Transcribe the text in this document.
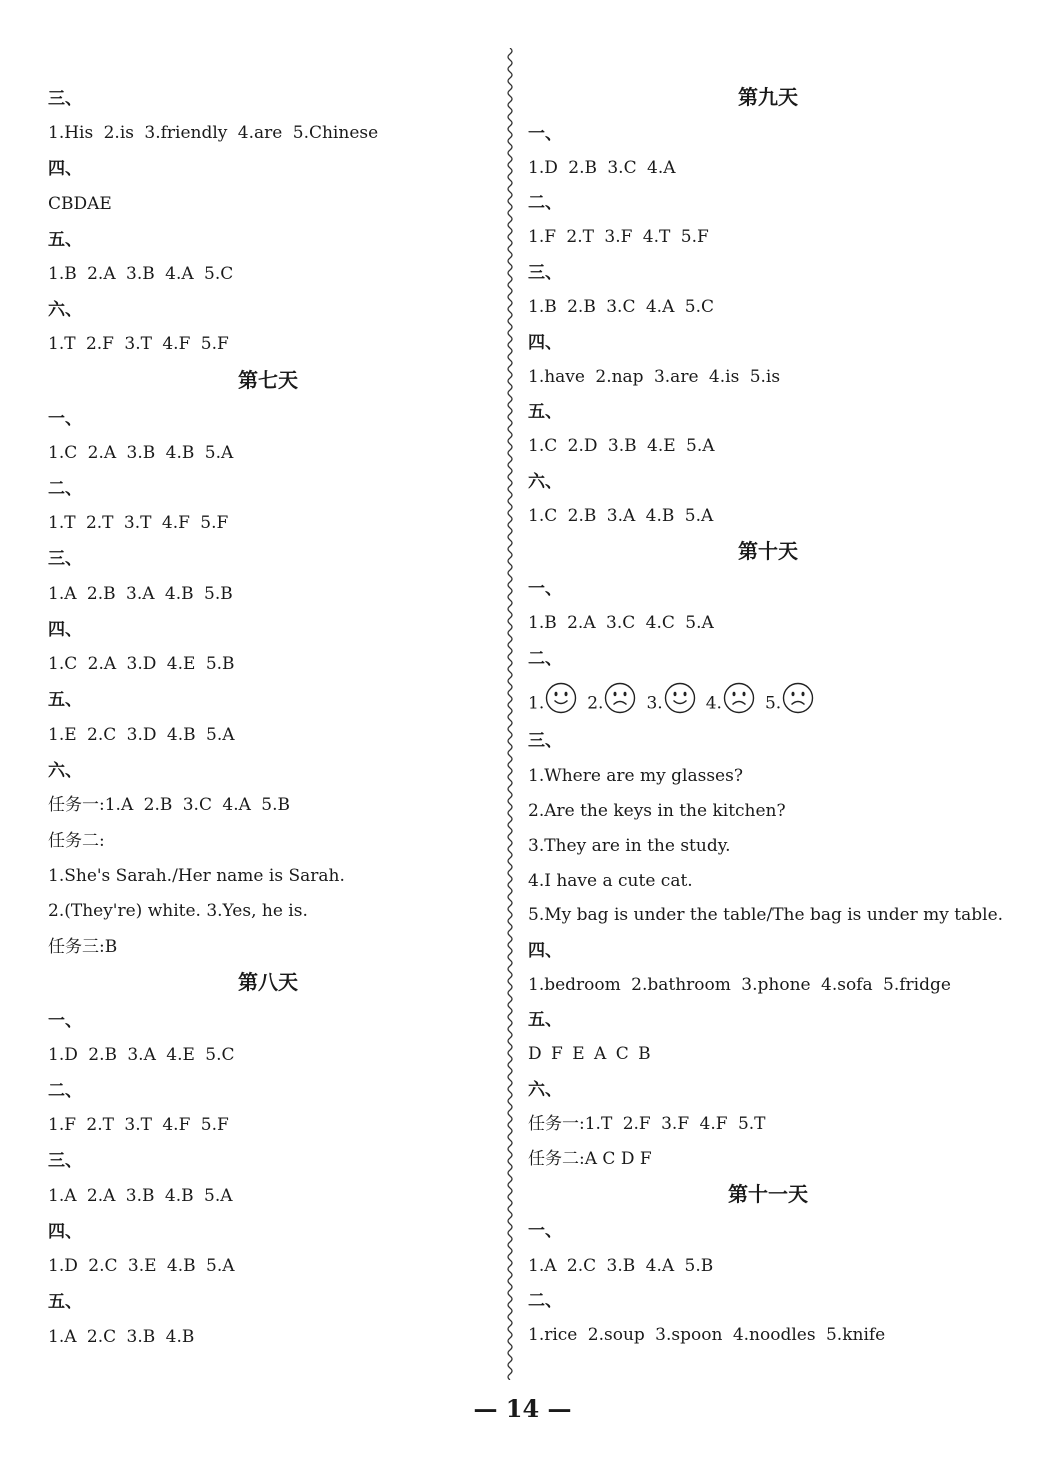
三、
1.His 2.is 3.friendly 4.are 5.Chinese
四、
CBDAE
五、
1.B 2.A 3.B 4.A 5.C
六、
1.T 2.F 3.T 4.F 5.F
第七天
一、
1.C 2.A 3.B 4.B 5.A
二、
1.T 2.T 3.T 4.F 5.F
三、
1.A 2.B 3.A 4.B 5.B
四、
1.C 2.A 3.D 4.E 5.B
五、
1.E 2.C 3.D 4.B 5.A
六、
任务一:1.A 2.B 3.C 4.A 5.B
任务二:
1.She's Sarah./Her name is Sarah.
2.(They're) white. 3.Yes, he is.
任务三:B
第八天
一、
1.D 2.B 3.A 4.E 5.C
二、
1.F 2.T 3.T 4.F 5.F
三、
1.A 2.A 3.B 4.B 5.A
四、
1.D 2.C 3.E 4.B 5.A
五、
1.A 2.C 3.B 4.B
第九天
一、
1.D 2.B 3.C 4.A
二、
1.F 2.T 3.F 4.T 5.F
三、
1.B 2.B 3.C 4.A 5.C
四、
1.have 2.nap 3.are 4.is 5.is
五、
1.C 2.D 3.B 4.E 5.A
六、
1.C 2.B 3.A 4.B 5.A
第十天
一、
1.B 2.A 3.C 4.C 5.A
二、
1.	2.	3.	4.	5.
三、
1.Where are my glasses?
2.Are the keys in the kitchen?
3.They are in the study.
4.I have a cute cat.
5.My bag is under the table/The bag is under my table.
四、
1.bedroom 2.bathroom 3.phone 4.sofa 5.fridge
五、
D F E A C B
六、
任务一:1.T 2.F 3.F 4.F 5.T
任务二:A C D F
第十一天
一、
1.A 2.C 3.B 4.A 5.B
二、
1.rice 2.soup 3.spoon 4.noodles 5.knife
— 14 —
